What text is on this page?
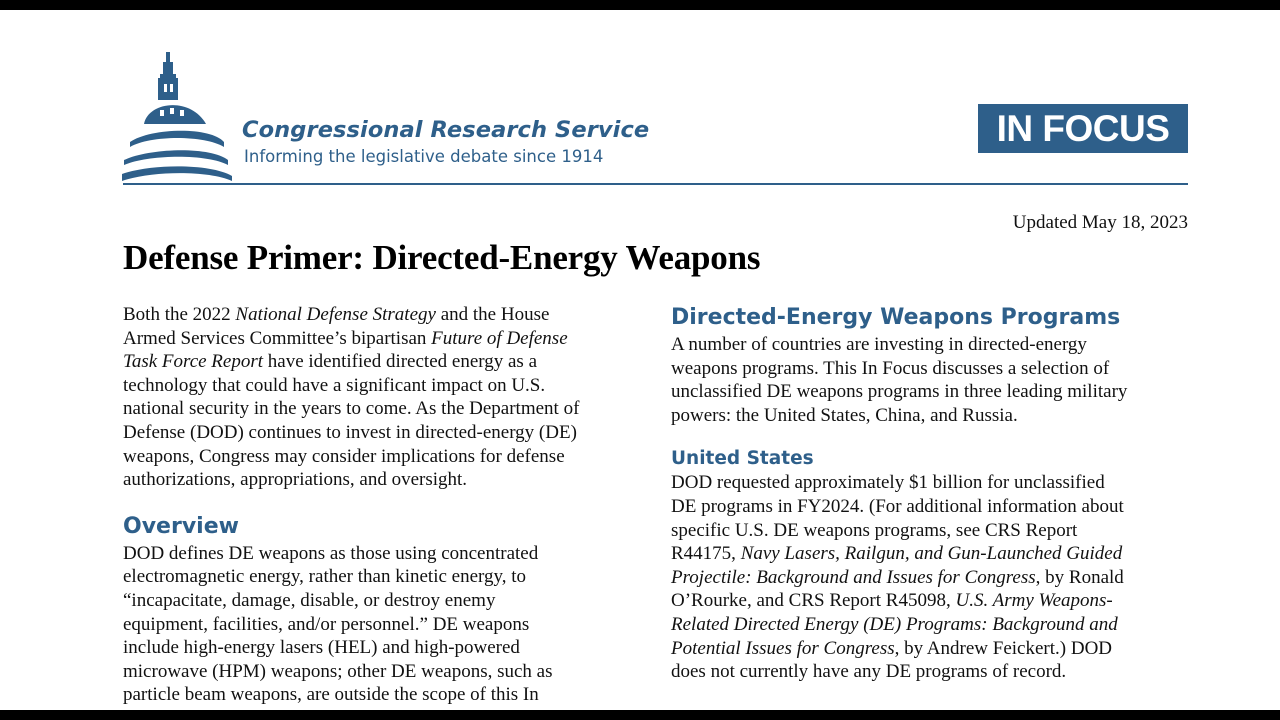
Congressional Research Service
Informing the legislative debate since 1914
IN FOCUS
Updated May 18, 2023
Defense Primer: Directed-Energy Weapons

Both the 2022 National Defense Strategy and the House
Armed Services Committee’s bipartisan Future of Defense
Task Force Report have identified directed energy as a
technology that could have a significant impact on U.S.
national security in the years to come. As the Department of
Defense (DOD) continues to invest in directed-energy (DE)
weapons, Congress may consider implications for defense
authorizations, appropriations, and oversight.

Overview

DOD defines DE weapons as those using concentrated
electromagnetic energy, rather than kinetic energy, to
“incapacitate, damage, disable, or destroy enemy
equipment, facilities, and/or personnel.” DE weapons
include high-energy lasers (HEL) and high-powered
microwave (HPM) weapons; other DE weapons, such as
particle beam weapons, are outside the scope of this In

Directed-Energy Weapons Programs

A number of countries are investing in directed-energy
weapons programs. This In Focus discusses a selection of
unclassified DE weapons programs in three leading military
powers: the United States, China, and Russia.

United States

DOD requested approximately $1 billion for unclassified
DE programs in FY2024. (For additional information about
specific U.S. DE weapons programs, see CRS Report
R44175, Navy Lasers, Railgun, and Gun-Launched Guided
Projectile: Background and Issues for Congress, by Ronald
O’Rourke, and CRS Report R45098, U.S. Army Weapons-
Related Directed Energy (DE) Programs: Background and
Potential Issues for Congress, by Andrew Feickert.) DOD
does not currently have any DE programs of record.
